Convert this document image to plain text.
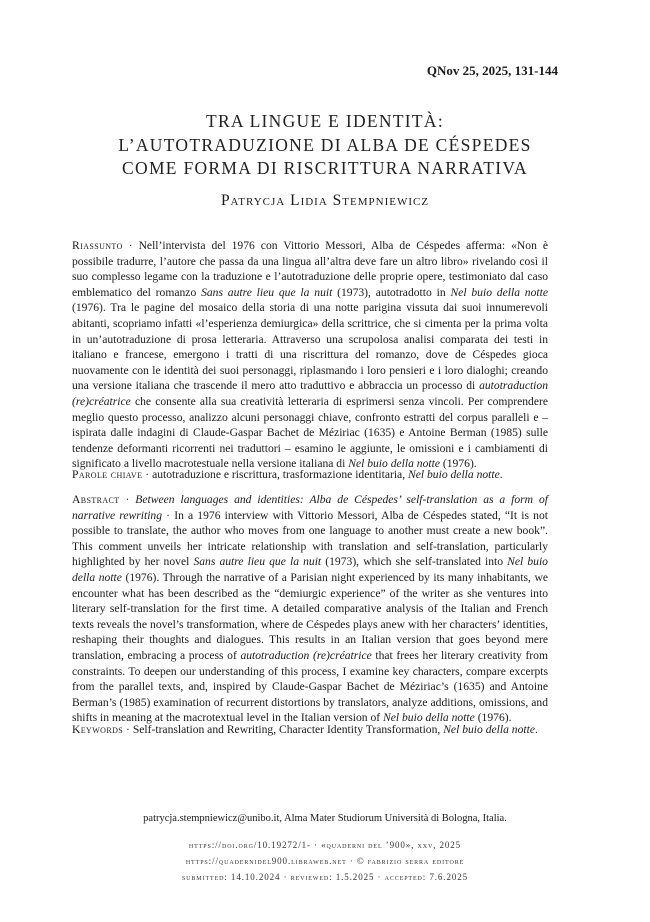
QNov 25, 2025, 131-144
TRA LINGUE E IDENTITÀ:
L’AUTOTRADUZIONE DI ALBA DE CÉSPEDES
COME FORMA DI RISCRITTURA NARRATIVA
Patrycja Lidia Stempniewicz
Riassunto · Nell’intervista del 1976 con Vittorio Messori, Alba de Céspedes afferma: «Non è possibile tradurre, l’autore che passa da una lingua all’altra deve fare un altro libro» rivelando così il suo complesso legame con la traduzione e l’autotraduzione delle proprie opere, testimoniato dal caso emblematico del romanzo Sans autre lieu que la nuit (1973), autotradotto in Nel buio della notte (1976). Tra le pagine del mosaico della storia di una notte parigina vissuta dai suoi innumerevoli abitanti, scopriamo infatti «l’esperienza demiurgica» della scrittrice, che si cimenta per la prima volta in un’autotraduzione di prosa letteraria. Attraverso una scrupolosa analisi comparata dei testi in italiano e francese, emergono i tratti di una riscrittura del romanzo, dove de Céspedes gioca nuovamente con le identità dei suoi personaggi, riplasmando i loro pensieri e i loro dialoghi; creando una versione italiana che trascende il mero atto traduttivo e abbraccia un processo di autotraduction (re)créatrice che consente alla sua creatività letteraria di esprimersi senza vincoli. Per comprendere meglio questo processo, analizzo alcuni personaggi chiave, confronto estratti del corpus paralleli e – ispirata dalle indagini di Claude-Gaspar Bachet de Méziriac (1635) e Antoine Berman (1985) sulle tendenze deformanti ricorrenti nei traduttori – esamino le aggiunte, le omissioni e i cambiamenti di significato a livello macrotestuale nella versione italiana di Nel buio della notte (1976).
Parole chiave · autotraduzione e riscrittura, trasformazione identitaria, Nel buio della notte.
Abstract · Between languages and identities: Alba de Céspedes’ self-translation as a form of narrative rewriting · In a 1976 interview with Vittorio Messori, Alba de Céspedes stated, “It is not possible to translate, the author who moves from one language to another must create a new book”. This comment unveils her intricate relationship with translation and self-translation, particularly highlighted by her novel Sans autre lieu que la nuit (1973), which she self-translated into Nel buio della notte (1976). Through the narrative of a Parisian night experienced by its many inhabitants, we encounter what has been described as the “demiurgic experience” of the writer as she ventures into literary self-translation for the first time. A detailed comparative analysis of the Italian and French texts reveals the novel’s transformation, where de Céspedes plays anew with her characters’ identities, reshaping their thoughts and dialogues. This results in an Italian version that goes beyond mere translation, embracing a process of autotraduction (re)créatrice that frees her literary creativity from constraints. To deepen our understanding of this process, I examine key characters, compare excerpts from the parallel texts, and, inspired by Claude-Gaspar Bachet de Méziriac’s (1635) and Antoine Berman’s (1985) examination of recurrent distortions by translators, analyze additions, omissions, and shifts in meaning at the macrotextual level in the Italian version of Nel buio della notte (1976).
Keywords · Self-translation and Rewriting, Character Identity Transformation, Nel buio della notte.
patrycja.stempniewicz@unibo.it, Alma Mater Studiorum Università di Bologna, Italia.
https://doi.org/10.19272/1- · «quaderni del ’900», xxv, 2025
https://quadernidel900.libraweb.net · © fabrizio serra editore
submitted: 14.10.2024 · reviewed: 1.5.2025 · accepted: 7.6.2025
